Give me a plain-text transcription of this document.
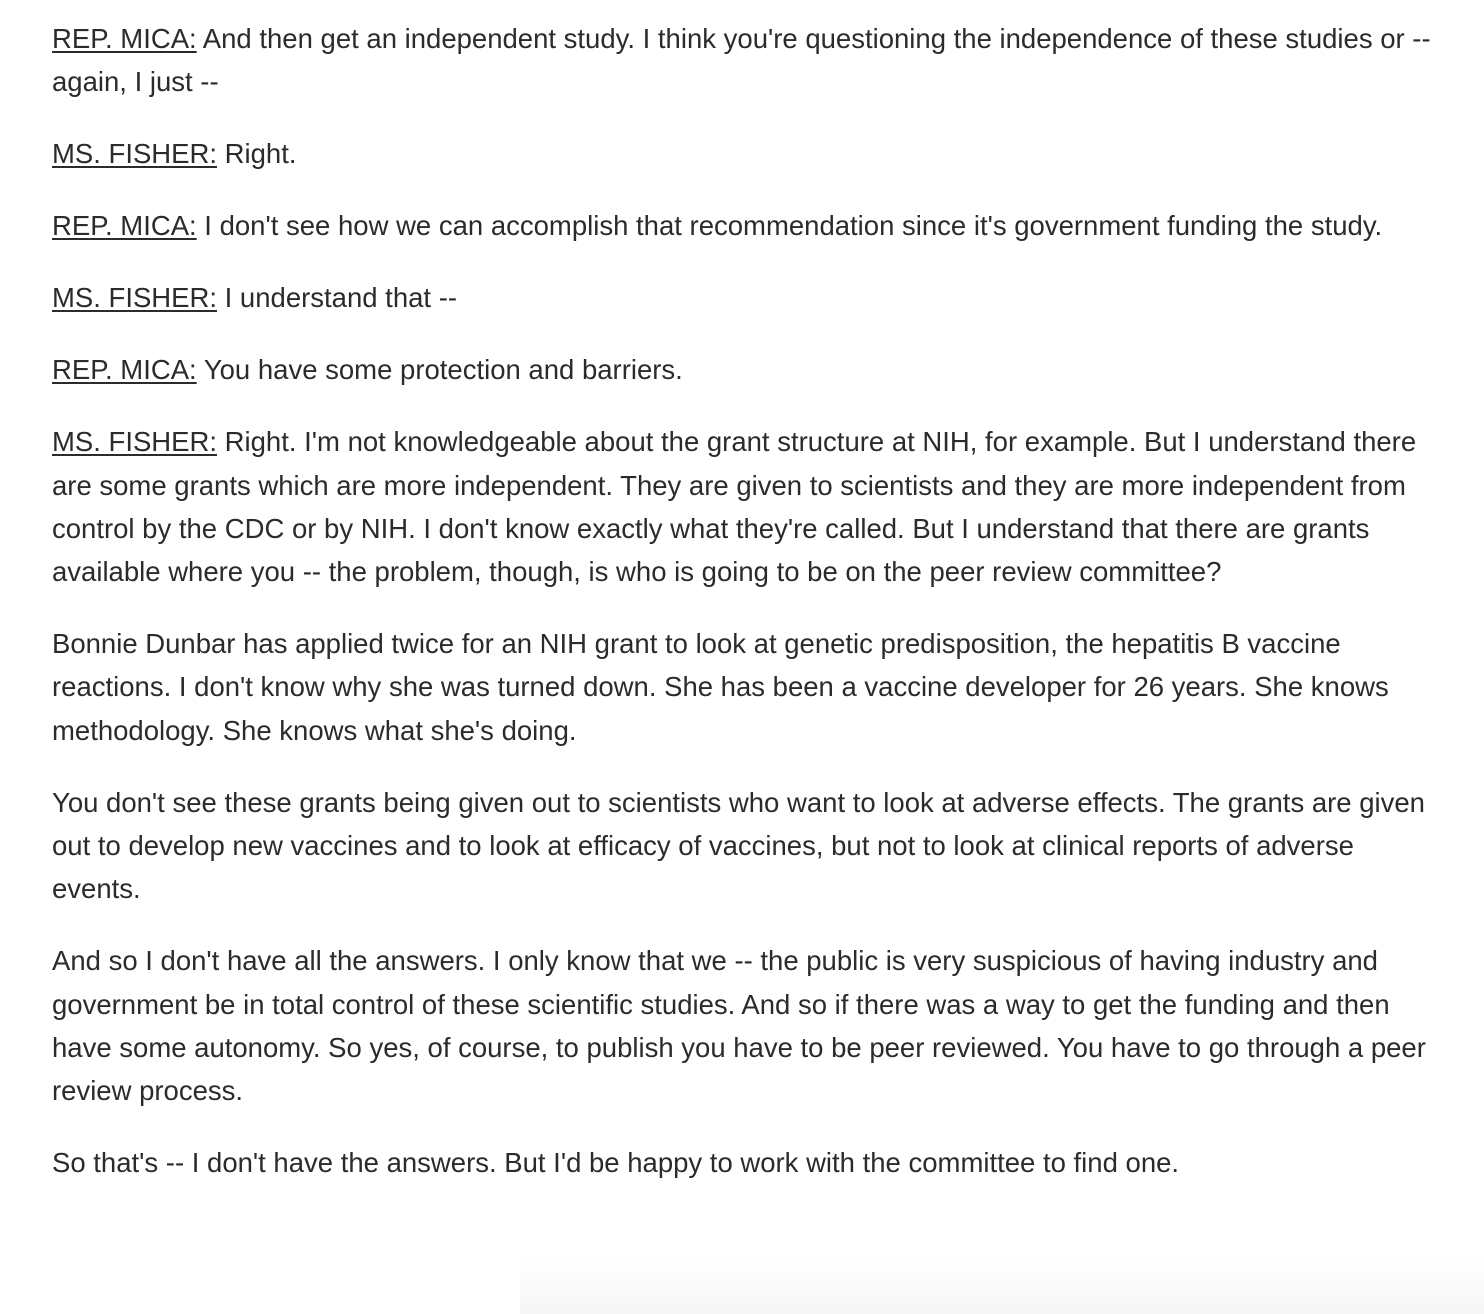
REP. MICA: And then get an independent study. I think you're questioning the independence of these studies or -- again, I just --

MS. FISHER: Right.

REP. MICA: I don't see how we can accomplish that recommendation since it's government funding the study.

MS. FISHER: I understand that --

REP. MICA: You have some protection and barriers.

MS. FISHER: Right. I'm not knowledgeable about the grant structure at NIH, for example. But I understand there are some grants which are more independent. They are given to scientists and they are more independent from control by the CDC or by NIH. I don't know exactly what they're called. But I understand that there are grants available where you -- the problem, though, is who is going to be on the peer review committee?

Bonnie Dunbar has applied twice for an NIH grant to look at genetic predisposition, the hepatitis B vaccine reactions. I don't know why she was turned down. She has been a vaccine developer for 26 years. She knows methodology. She knows what she's doing.

You don't see these grants being given out to scientists who want to look at adverse effects. The grants are given out to develop new vaccines and to look at efficacy of vaccines, but not to look at clinical reports of adverse events.

And so I don't have all the answers. I only know that we -- the public is very suspicious of having industry and government be in total control of these scientific studies. And so if there was a way to get the funding and then have some autonomy. So yes, of course, to publish you have to be peer reviewed. You have to go through a peer review process.

So that's -- I don't have the answers. But I'd be happy to work with the committee to find one.
